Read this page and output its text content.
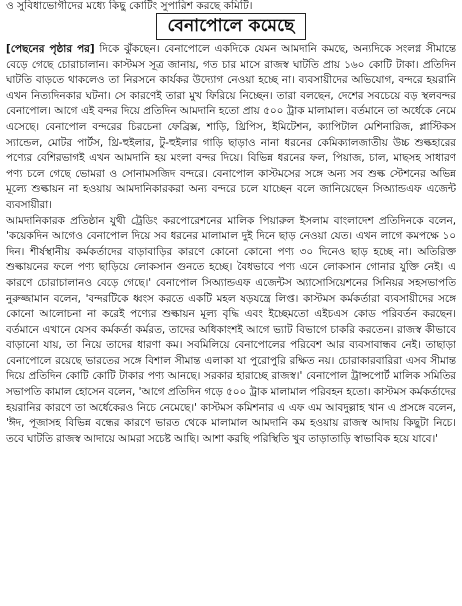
ও সুবিধাভোগীদের মধ্যে কিছু কোটিং সুপারিশ করছে কমিটি।
বেনাপোলে কমেছে

[পেছনের পৃষ্ঠার পর] দিকে ঝুঁকছেন। বেনাপোলে একদিকে যেমন আমদানি কমছে, অন্যদিকে সংলগ্ন সীমান্তে বেড়ে গেছে চোরাচালান। কাস্টমস সূত্র জানায়, গত চার মাসে রাজস্ব ঘাটতি প্রায় ১৬০ কোটি টাকা। প্রতিদিন ঘাটতি বাড়তে থাকলেও তা নিরসনে কার্যকর উদ্যোগ নেওয়া হচ্ছে না। ব্যবসায়ীদের অভিযোগ, বন্দরে হয়রানি এখন নিত্যদিনকার ঘটনা। সে কারণেই তারা মুখ ফিরিয়ে নিচ্ছেন। তারা বলছেন, দেশের সবচেয়ে বড় স্থলবন্দর বেনাপোল। আগে এই বন্দর দিয়ে প্রতিদিন আমদানি হতো প্রায় ৫০০ ট্রাক মালামাল। বর্তমানে তা অর্ধেকে নেমে এসেছে। বেনাপোল বন্দরের চিরচেনা ফেব্রিক্স, শাড়ি, থ্রিপিস, ইমিটেশন, ক্যাপিটাল মেশিনারিজ, প্লাস্টিকস স্যান্ডেল, মোটর পার্টস, থ্রি-হুইলার, টু-হুইলার গাড়ি ছাড়াও নানা ধরনের কেমিক্যালজাতীয় উচ্চ শুল্কহারের পণ্যের বেশিরভাগই এখন আমদানি হয় মংলা বন্দর দিয়ে। বিভিন্ন ধরনের ফল, পিয়াজ, চাল, মাছসহ সাধারণ পণ্য চলে গেছে ভোমরা ও সোনামসজিদ বন্দরে। বেনাপোল কাস্টমসের সঙ্গে অন্য সব শুল্ক স্টেশনের অভিন্ন মূল্যে শুল্কায়ন না হওয়ায় আমদানিকারকরা অন্য বন্দরে চলে যাচ্ছেন বলে জানিয়েছেন সিঅ্যান্ডএফ এজেন্ট ব্যবসায়ীরা।

আমদানিকারক প্রতিষ্ঠান যুথী ট্রেডিং করপোরেশনের মালিক পিয়ারুল ইসলাম বাংলাদেশ প্রতিদিনকে বলেন, 'কয়েকদিন আগেও বেনাপোল দিয়ে সব ধরনের মালামাল দুই দিনে ছাড় নেওয়া যেত। এখন লাগে কমপক্ষে ১০ দিন। শীর্ষস্থানীয় কর্মকর্তাদের বাড়াবাড়ির কারণে কোনো কোনো পণ্য ৩০ দিনেও ছাড় হচ্ছে না। অতিরিক্ত শুল্কায়নের ফলে পণ্য ছাড়িয়ে লোকসান গুনতে হচ্ছে। বৈধভাবে পণ্য এনে লোকসান গোনার যুক্তি নেই। এ কারণে চোরাচালানও বেড়ে গেছে।' বেনাপোল সিঅ্যান্ডএফ এজেন্টস অ্যাসোসিয়েশনের সিনিয়র সহসভাপতি নুরুজ্জামান বলেন, 'বন্দরটিকে ধ্বংস করতে একটি মহল ষড়যন্ত্রে লিপ্ত। কাস্টমস কর্মকর্তারা ব্যবসায়ীদের সঙ্গে কোনো আলোচনা না করেই পণ্যের শুল্কায়ন মূল্য বৃদ্ধি এবং ইচ্ছেমতো এইচএস কোড পরিবর্তন করছেন। বর্তমানে এখানে যেসব কর্মকর্তা কর্মরত, তাদের অধিকাংশই আগে ভ্যাট বিভাগে চাকরি করতেন। রাজস্ব কীভাবে বাড়ানো যায়, তা নিয়ে তাদের ধারণা কম। সবমিলিয়ে বেনাপোলের পরিবেশ আর ব্যবসাবান্ধব নেই। তাছাড়া বেনাপোলে রয়েছে ভারতের সঙ্গে বিশাল সীমান্ত এলাকা যা পুরোপুরি রক্ষিত নয়। চোরাকারবারিরা এসব সীমান্ত দিয়ে প্রতিদিন কোটি কোটি টাকার পণ্য আনছে। সরকার হারাচ্ছে রাজস্ব।' বেনাপোল ট্রান্সপোর্ট মালিক সমিতির সভাপতি কামাল হোসেন বলেন, 'আগে প্রতিদিন গড়ে ৫০০ ট্রাক মালামাল পরিবহন হতো। কাস্টমস কর্মকর্তাদের হয়রানির কারণে তা অর্ধেকেরও নিচে নেমেছে।' কাস্টমস কমিশনার এ এফ এম আবদুল্লাহ খান এ প্রসঙ্গে বলেন, 'ঈদ, পূজাসহ বিভিন্ন বন্ধের কারণে ভারত থেকে মালামাল আমদানি কম হওয়ায় রাজস্ব আদায় কিছুটা নিচে। তবে ঘাটতি রাজস্ব আদায়ে আমরা সচেষ্ট আছি। আশা করছি পরিস্থিতি খুব তাড়াতাড়ি স্বাভাবিক হয়ে যাবে।'
